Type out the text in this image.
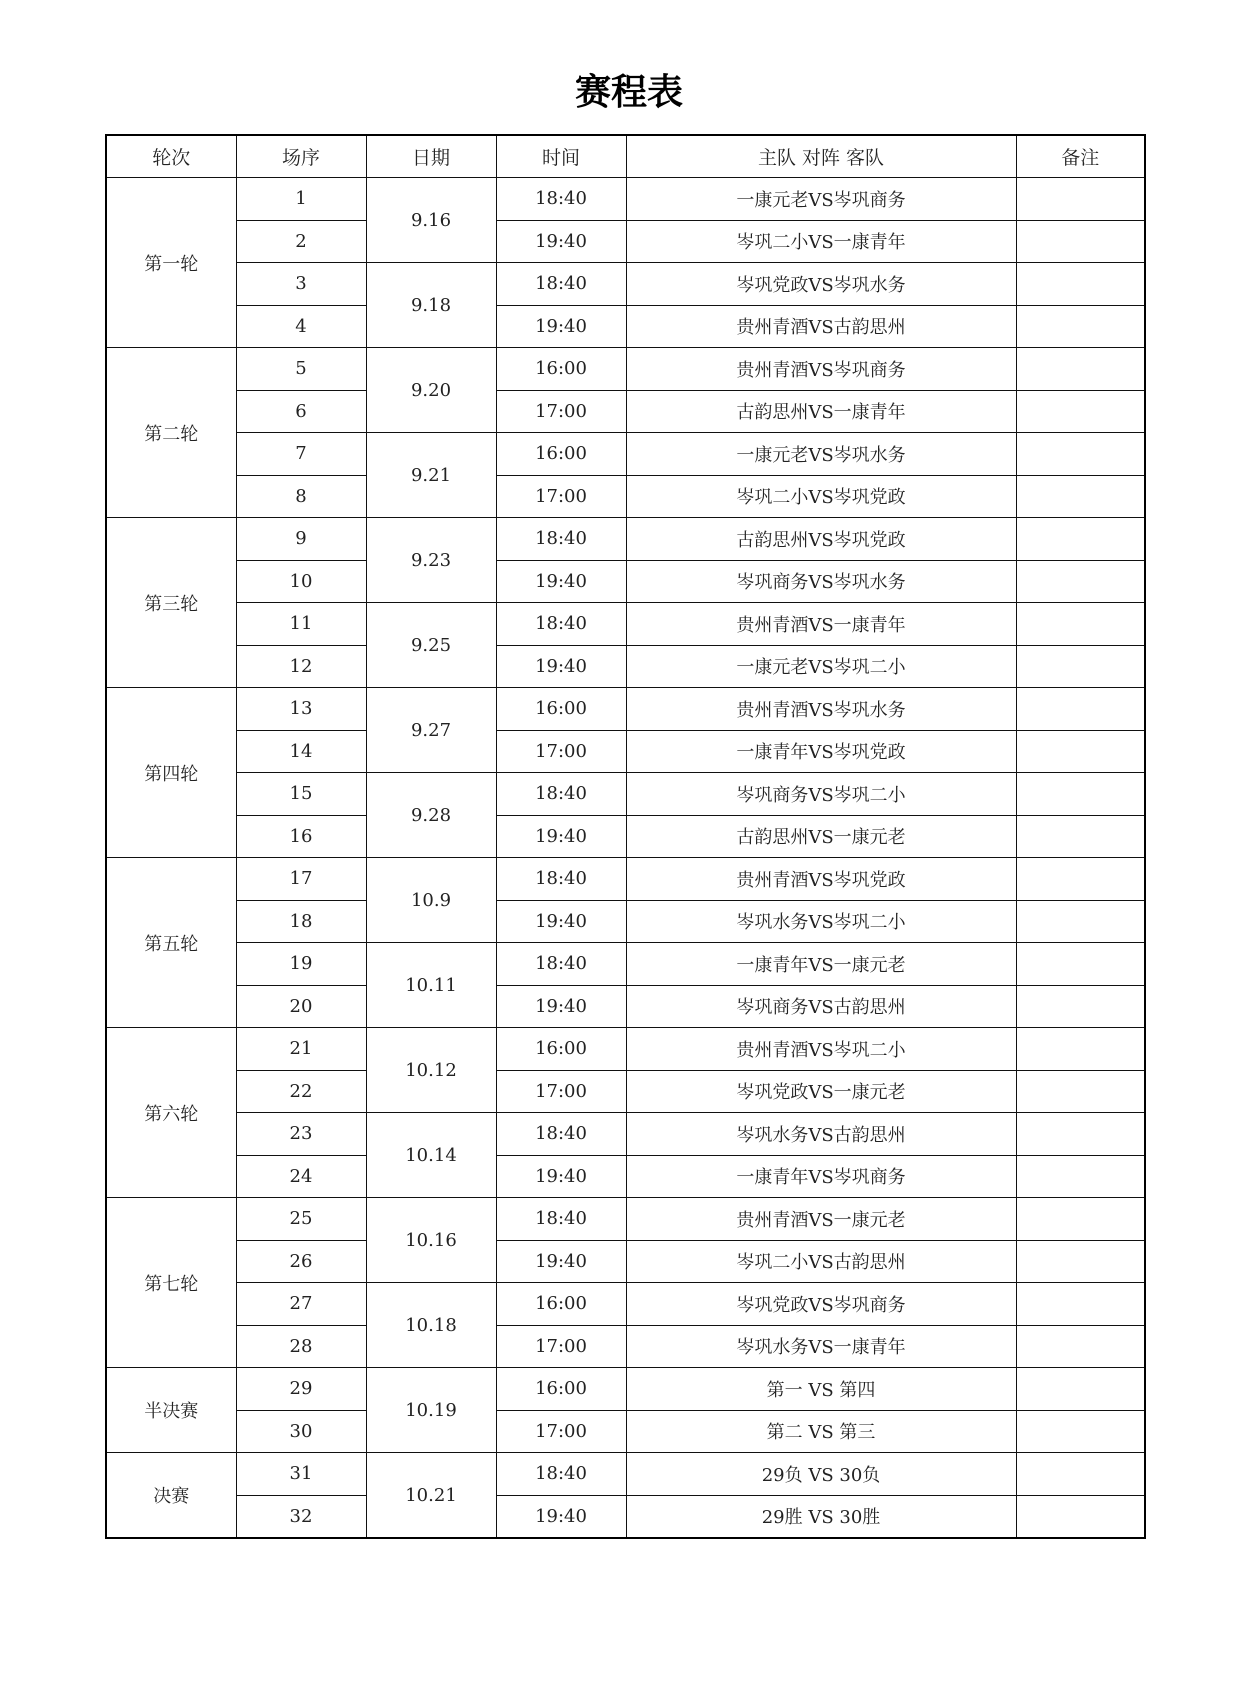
赛程表
轮次	场序	日期	时间	主队 对阵 客队	备注
第一轮	1	9.16	18:40	一康元老VS岑巩商务	
	2		19:40	岑巩二小VS一康青年	
	3	9.18	18:40	岑巩党政VS岑巩水务	
	4		19:40	贵州青酒VS古韵思州	
第二轮	5	9.20	16:00	贵州青酒VS岑巩商务	
	6		17:00	古韵思州VS一康青年	
	7	9.21	16:00	一康元老VS岑巩水务	
	8		17:00	岑巩二小VS岑巩党政	
第三轮	9	9.23	18:40	古韵思州VS岑巩党政	
	10		19:40	岑巩商务VS岑巩水务	
	11	9.25	18:40	贵州青酒VS一康青年	
	12		19:40	一康元老VS岑巩二小	
第四轮	13	9.27	16:00	贵州青酒VS岑巩水务	
	14		17:00	一康青年VS岑巩党政	
	15	9.28	18:40	岑巩商务VS岑巩二小	
	16		19:40	古韵思州VS一康元老	
第五轮	17	10.9	18:40	贵州青酒VS岑巩党政	
	18		19:40	岑巩水务VS岑巩二小	
	19	10.11	18:40	一康青年VS一康元老	
	20		19:40	岑巩商务VS古韵思州	
第六轮	21	10.12	16:00	贵州青酒VS岑巩二小	
	22		17:00	岑巩党政VS一康元老	
	23	10.14	18:40	岑巩水务VS古韵思州	
	24		19:40	一康青年VS岑巩商务	
第七轮	25	10.16	18:40	贵州青酒VS一康元老	
	26		19:40	岑巩二小VS古韵思州	
	27	10.18	16:00	岑巩党政VS岑巩商务	
	28		17:00	岑巩水务VS一康青年	
半决赛	29	10.19	16:00	第一 VS 第四	
	30		17:00	第二 VS 第三	
决赛	31	10.21	18:40	29负 VS 30负	
	32		19:40	29胜 VS 30胜	
